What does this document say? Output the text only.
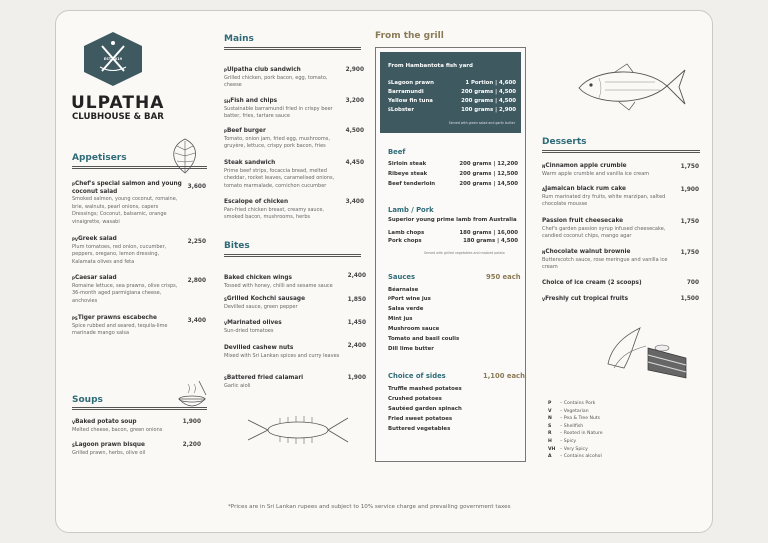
EST 2019
ULPATHA
CLUBHOUSE & BAR
Appetisers
$^P$Chef's special salmon and young coconut salad
Smoked salmon, young coconut, romaine, brie, walnuts, pearl onions, capers Dressings; Coconut, balsamic, orange vinaigrette, wasabi
3,600
$^{PV}$Greek salad
Plum tomatoes, red onion, cucumber, peppers, oregano, lemon dressing, Kalamata olives and feta
2,250
$^P$Caesar salad
Romaine lettuce, sea prawns, olive crisps, 36-month aged parmigiana cheese, anchovies
2,800
$^{PS}$Tiger prawns escabeche
Spice rubbed and seared, tequila-lime marinade mango salsa
3,400
Soups
$^V$Baked potato soup
Melted cheese, bacon, green onions
1,900
$^S$Lagoon prawn bisque
Grilled prawn, herbs, olive oil
2,200
Mains
$^P$Ulpatha club sandwich
Grilled chicken, pork bacon, egg, tomato, cheese
2,900
$^{SH}$Fish and chips
Sustainable barramundi fried in crispy beer batter, fries, tartare sauce
3,200
$^P$Beef burger
Tomato, onion jam, fried egg, mushrooms, gruyère, lettuce, crispy pork bacon, fries
4,500
Steak sandwich
Prime beef strips, focaccia bread, melted cheddar, rocket leaves, caramelised onions, tomato marmalade, cornichon cucumber
4,450
Escalope of chicken
Pan-fried chicken breast, creamy sauce, smoked bacon, mushrooms, herbs
3,400
Bites
Baked chicken wings
Tossed with honey, chilli and sesame sauce
2,400
$^S$Grilled Kochchi sausage
Devilled sauce, green pepper
1,850
$^V$Marinated olives
Sun-dried tomatoes
1,450
Devilled cashew nuts
Mixed with Sri Lankan spices and curry leaves
2,400
$^S$Battered fried calamari
Garlic aioli
1,900
From the grill
From Hambantota fish yard
$^S$Lagoon prawn	1 Portion | 4,600
Barramundi	200 grams | 4,500
Yellow fin tuna	200 grams | 4,500
$^S$Lobster	100 grams | 2,900
Served with green salad and garlic butter
Beef
Sirloin steak	200 grams | 12,200
Ribeye steak	200 grams | 12,500
Beef tenderloin	200 grams | 14,500
Lamb / Pork
Superior young prime lamb from Australia
Lamb chops	180 grams | 16,000
Pork chops	180 grams | 4,500
Served with grilled vegetables and mashed potato
Sauces	950 each
Béarnaise
$^P$Port wine jus
Salsa verde
Mint jus
Mushroom sauce
Tomato and basil coulis
Dill lime butter
Choice of sides	1,100 each
Truffle mashed potatoes
Crushed potatoes
Sautéed garden spinach
Fried sweet potatoes
Buttered vegetables
Desserts
$^N$Cinnamon apple crumble
Warm apple crumble and vanilla ice cream
1,750
$^A$Jamaican black rum cake
Rum marinated dry fruits, white marzipan, salted chocolate mousse
1,900
Passion fruit cheesecake
Chef's garden passion syrup infused cheesecake, candied coconut chips, mango agar
1,750
$^N$Chocolate walnut brownie
Butterscotch sauce, rose meringue and vanilla ice cream
1,750
Choice of ice cream (2 scoops)	700
$^V$Freshly cut tropical fruits	1,500
P – Contains Pork
V – Vegetarian
N – Pea & Tree Nuts
S – Shellfish
R – Rooted in Nature
H – Spicy
VH – Very Spicy
A – Contains alcohol
*Prices are in Sri Lankan rupees and subject to 10% service charge and prevailing government taxes
